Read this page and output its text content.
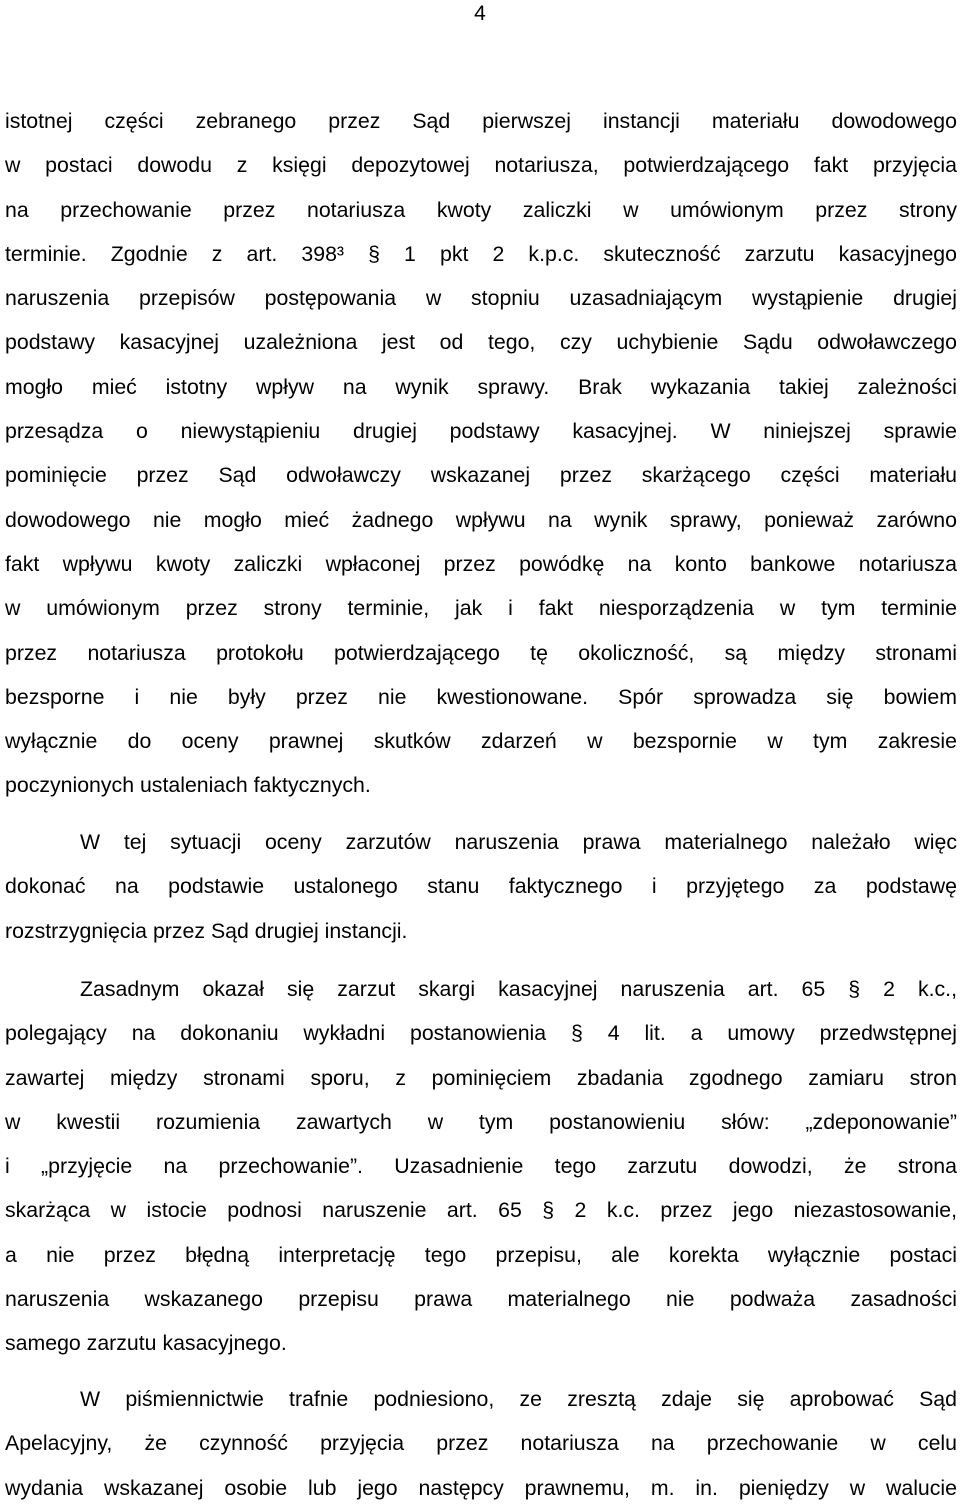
4
istotnej części zebranego przez Sąd pierwszej instancji materiału dowodowego
w postaci dowodu z księgi depozytowej notariusza, potwierdzającego fakt przyjęcia
na przechowanie przez notariusza kwoty zaliczki w umówionym przez strony
terminie. Zgodnie z art. 398³ § 1 pkt 2 k.p.c. skuteczność zarzutu kasacyjnego
naruszenia przepisów postępowania w stopniu uzasadniającym wystąpienie drugiej
podstawy kasacyjnej uzależniona jest od tego, czy uchybienie Sądu odwoławczego
mogło mieć istotny wpływ na wynik sprawy. Brak wykazania takiej zależności
przesądza o niewystąpieniu drugiej podstawy kasacyjnej. W niniejszej sprawie
pominięcie przez Sąd odwoławczy wskazanej przez skarżącego części materiału
dowodowego nie mogło mieć żadnego wpływu na wynik sprawy, ponieważ zarówno
fakt wpływu kwoty zaliczki wpłaconej przez powódkę na konto bankowe notariusza
w umówionym przez strony terminie, jak i fakt niesporządzenia w tym terminie
przez notariusza protokołu potwierdzającego tę okoliczność, są między stronami
bezsporne i nie były przez nie kwestionowane. Spór sprowadza się bowiem
wyłącznie do oceny prawnej skutków zdarzeń w bezspornie w tym zakresie
poczynionych ustaleniach faktycznych.
W tej sytuacji oceny zarzutów naruszenia prawa materialnego należało więc
dokonać na podstawie ustalonego stanu faktycznego i przyjętego za podstawę
rozstrzygnięcia przez Sąd drugiej instancji.
Zasadnym okazał się zarzut skargi kasacyjnej naruszenia art. 65 § 2 k.c.,
polegający na dokonaniu wykładni postanowienia § 4 lit. a umowy przedwstępnej
zawartej między stronami sporu, z pominięciem zbadania zgodnego zamiaru stron
w kwestii rozumienia zawartych w tym postanowieniu słów: „zdeponowanie”
i „przyjęcie na przechowanie”. Uzasadnienie tego zarzutu dowodzi, że strona
skarżąca w istocie podnosi naruszenie art. 65 § 2 k.c. przez jego niezastosowanie,
a nie przez błędną interpretację tego przepisu, ale korekta wyłącznie postaci
naruszenia wskazanego przepisu prawa materialnego nie podważa zasadności
samego zarzutu kasacyjnego.
W piśmiennictwie trafnie podniesiono, ze zresztą zdaje się aprobować Sąd
Apelacyjny, że czynność przyjęcia przez notariusza na przechowanie w celu
wydania wskazanej osobie lub jego następcy prawnemu, m. in. pieniędzy w walucie
